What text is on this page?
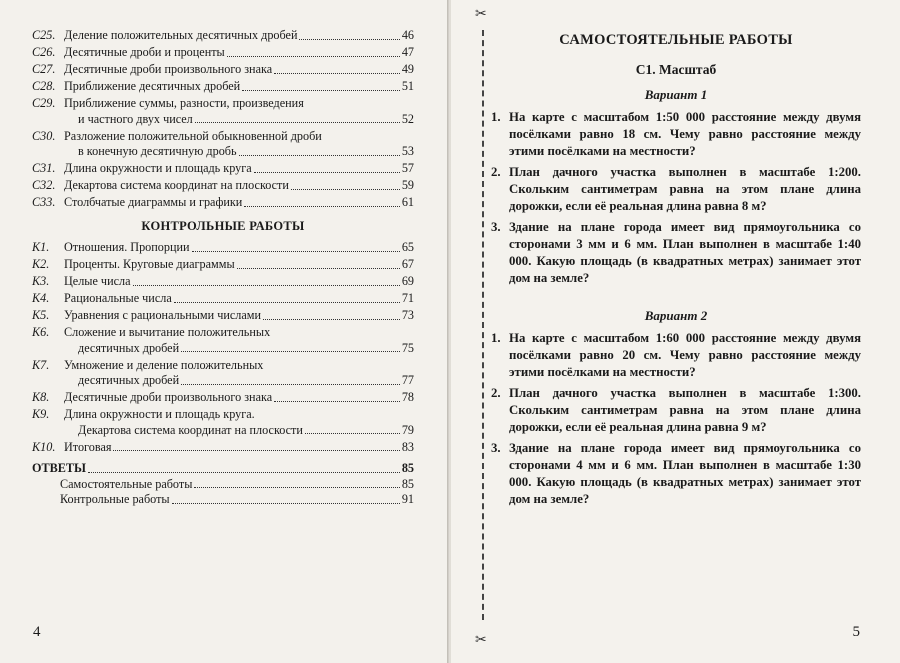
C25. Деление положительных десятичных дробей	46
C26. Десятичные дроби и проценты	47
C27. Десятичные дроби произвольного знака	49
C28. Приближение десятичных дробей	51
C29. Приближение суммы, разности, произведения
и частного двух чисел	52
C30. Разложение положительной обыкновенной дроби
в конечную десятичную дробь	53
C31. Длина окружности и площадь круга	57
C32. Декартова система координат на плоскости	59
C33. Столбчатые диаграммы и графики	61
КОНТРОЛЬНЫЕ РАБОТЫ
K1.	Отношения. Пропорции	65
K2.	Проценты. Круговые диаграммы	67
K3.	Целые числа	69
K4.	Рациональные числа	71
K5.	Уравнения с рациональными числами	73
K6.	Сложение и вычитание положительных
десятичных дробей	75
K7.	Умножение и деление положительных
десятичных дробей	77
K8.	Десятичные дроби произвольного знака	78
K9.	Длина окружности и площадь круга.
Декартова система координат на плоскости	79
K10. Итоговая	83
ОТВЕТЫ	85
Самостоятельные работы	85
Контрольные работы	91
4
✂
✂
САМОСТОЯТЕЛЬНЫЕ РАБОТЫ
С1. Масштаб
Вариант 1
1. На карте с масштабом 1:50 000 расстояние между двумя посёлками равно 18 см. Чему равно расстояние между этими посёлками на местности?
2. План дачного участка выполнен в масштабе 1:200. Скольким сантиметрам равна на этом плане длина дорожки, если её реальная длина равна 8 м?
3. Здание на плане города имеет вид прямоугольника со сторонами 3 мм и 6 мм. План выполнен в масштабе 1:40 000. Какую площадь (в квадратных метрах) занимает этот дом на земле?
Вариант 2
1. На карте с масштабом 1:60 000 расстояние между двумя посёлками равно 20 см. Чему равно расстояние между этими посёлками на местности?
2. План дачного участка выполнен в масштабе 1:300. Скольким сантиметрам равна на этом плане длина дорожки, если её реальная длина равна 9 м?
3. Здание на плане города имеет вид прямоугольника со сторонами 4 мм и 6 мм. План выполнен в масштабе 1:30 000. Какую площадь (в квадратных метрах) занимает этот дом на земле?
5
